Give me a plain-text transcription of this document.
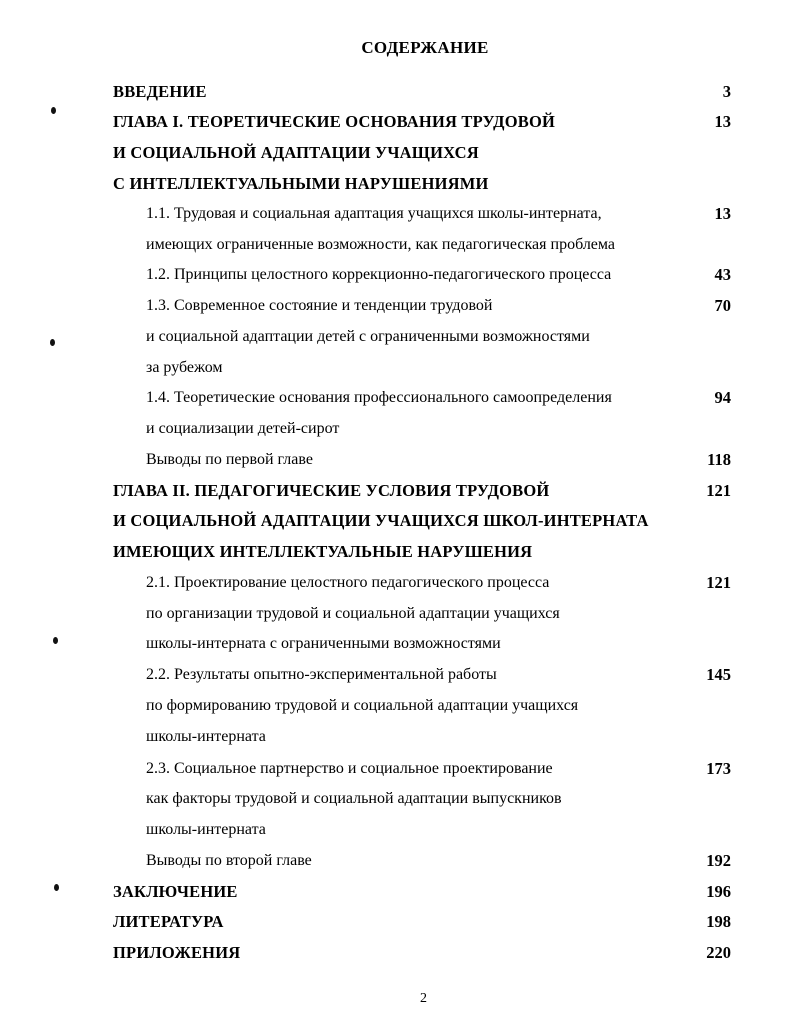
СОДЕРЖАНИЕ
ВВЕДЕНИЕ	3
ГЛАВА I. ТЕОРЕТИЧЕСКИЕ ОСНОВАНИЯ ТРУДОВОЙ	13
И СОЦИАЛЬНОЙ АДАПТАЦИИ УЧАЩИХСЯ
С ИНТЕЛЛЕКТУАЛЬНЫМИ НАРУШЕНИЯМИ
1.1. Трудовая и социальная адаптация учащихся школы-интерната,	13
имеющих ограниченные возможности, как педагогическая проблема
1.2. Принципы целостного коррекционно-педагогического процесса	43
1.3. Современное состояние и тенденции трудовой	70
и социальной адаптации детей с ограниченными возможностями
за рубежом
1.4. Теоретические основания профессионального самоопределения	94
и социализации детей-сирот
Выводы по первой главе	118
ГЛАВА II. ПЕДАГОГИЧЕСКИЕ УСЛОВИЯ ТРУДОВОЙ	121
И СОЦИАЛЬНОЙ АДАПТАЦИИ УЧАЩИХСЯ ШКОЛ-ИНТЕРНАТА
ИМЕЮЩИХ ИНТЕЛЛЕКТУАЛЬНЫЕ НАРУШЕНИЯ
2.1. Проектирование целостного педагогического процесса	121
по организации трудовой и социальной адаптации учащихся
школы-интерната с ограниченными возможностями
2.2. Результаты опытно-экспериментальной работы	145
по формированию трудовой и социальной адаптации учащихся
школы-интерната
2.3. Социальное партнерство и социальное проектирование	173
как факторы трудовой и социальной адаптации выпускников
школы-интерната
Выводы по второй главе	192
ЗАКЛЮЧЕНИЕ	196
ЛИТЕРАТУРА	198
ПРИЛОЖЕНИЯ	220
2
